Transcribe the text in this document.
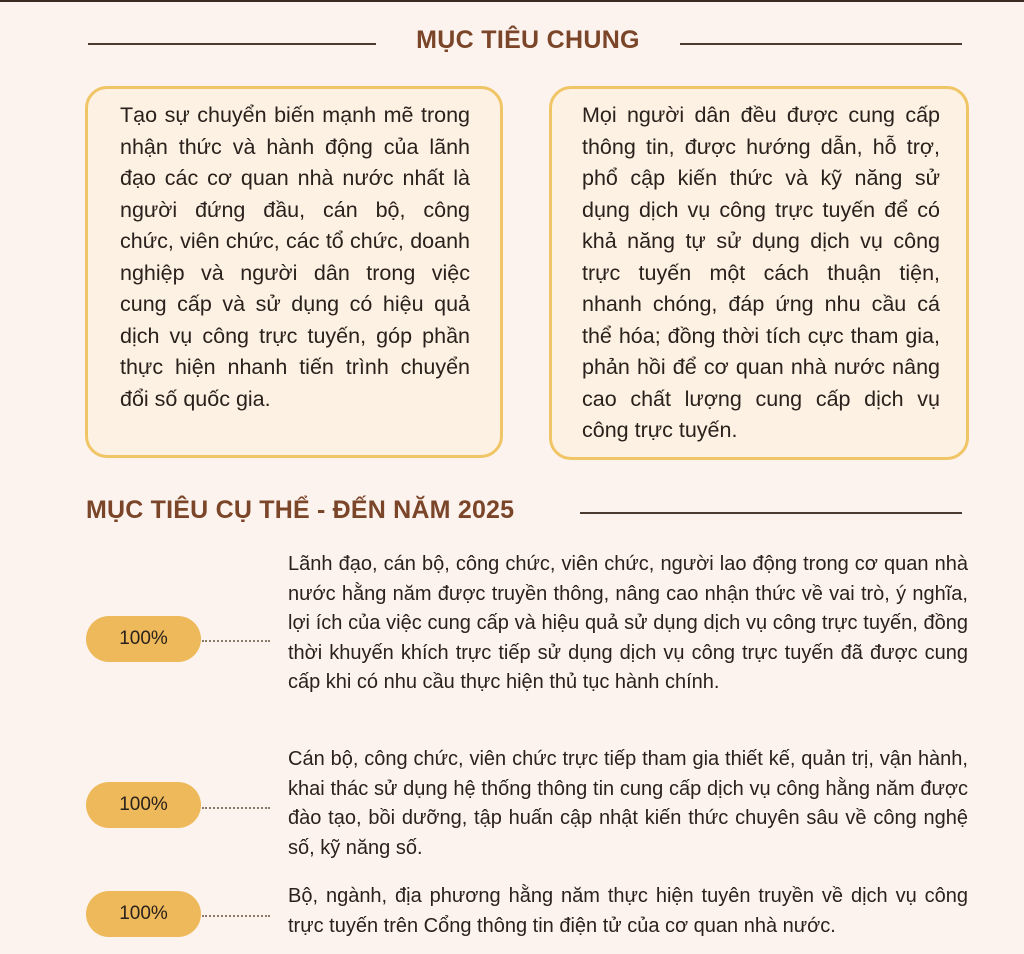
MỤC TIÊU CHUNG
Tạo sự chuyển biến mạnh mẽ trong nhận thức và hành động của lãnh đạo các cơ quan nhà nước nhất là người đứng đầu, cán bộ, công chức, viên chức, các tổ chức, doanh nghiệp và người dân trong việc cung cấp và sử dụng có hiệu quả dịch vụ công trực tuyến, góp phần thực hiện nhanh tiến trình chuyển đổi số quốc gia.
Mọi người dân đều được cung cấp thông tin, được hướng dẫn, hỗ trợ, phổ cập kiến thức và kỹ năng sử dụng dịch vụ công trực tuyến để có khả năng tự sử dụng dịch vụ công trực tuyến một cách thuận tiện, nhanh chóng, đáp ứng nhu cầu cá thể hóa; đồng thời tích cực tham gia, phản hồi để cơ quan nhà nước nâng cao chất lượng cung cấp dịch vụ công trực tuyến.
MỤC TIÊU CỤ THỂ - ĐẾN NĂM 2025
100%
Lãnh đạo, cán bộ, công chức, viên chức, người lao động trong cơ quan nhà nước hằng năm được truyền thông, nâng cao nhận thức về vai trò, ý nghĩa, lợi ích của việc cung cấp và hiệu quả sử dụng dịch vụ công trực tuyến, đồng thời khuyến khích trực tiếp sử dụng dịch vụ công trực tuyến đã được cung cấp khi có nhu cầu thực hiện thủ tục hành chính.
100%
Cán bộ, công chức, viên chức trực tiếp tham gia thiết kế, quản trị, vận hành, khai thác sử dụng hệ thống thông tin cung cấp dịch vụ công hằng năm được đào tạo, bồi dưỡng, tập huấn cập nhật kiến thức chuyên sâu về công nghệ số, kỹ năng số.
100%
Bộ, ngành, địa phương hằng năm thực hiện tuyên truyền về dịch vụ công trực tuyến trên Cổng thông tin điện tử của cơ quan nhà nước.
